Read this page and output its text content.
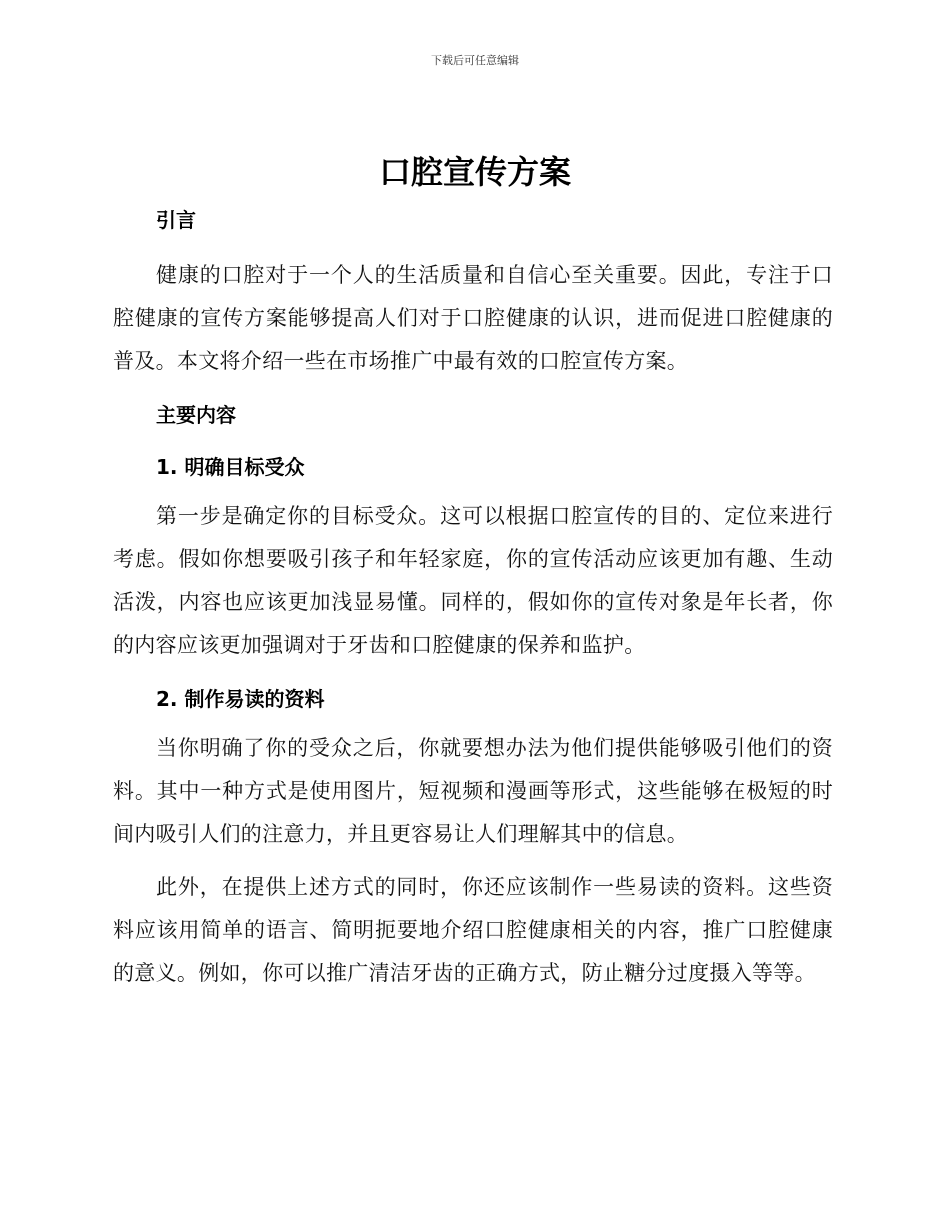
下载后可任意编辑
口腔宣传方案
引言

健康的口腔对于一个人的生活质量和自信心至关重要。因此，专注于口腔健康的宣传方案能够提高人们对于口腔健康的认识，进而促进口腔健康的普及。本文将介绍一些在市场推广中最有效的口腔宣传方案。

主要内容
1. 明确目标受众

第一步是确定你的目标受众。这可以根据口腔宣传的目的、定位来进行考虑。假如你想要吸引孩子和年轻家庭，你的宣传活动应该更加有趣、生动活泼，内容也应该更加浅显易懂。同样的，假如你的宣传对象是年长者，你的内容应该更加强调对于牙齿和口腔健康的保养和监护。

2. 制作易读的资料

当你明确了你的受众之后，你就要想办法为他们提供能够吸引他们的资料。其中一种方式是使用图片，短视频和漫画等形式，这些能够在极短的时间内吸引人们的注意力，并且更容易让人们理解其中的信息。

此外，在提供上述方式的同时，你还应该制作一些易读的资料。这些资料应该用简单的语言、简明扼要地介绍口腔健康相关的内容，推广口腔健康的意义。例如，你可以推广清洁牙齿的正确方式，防止糖分过度摄入等等。
